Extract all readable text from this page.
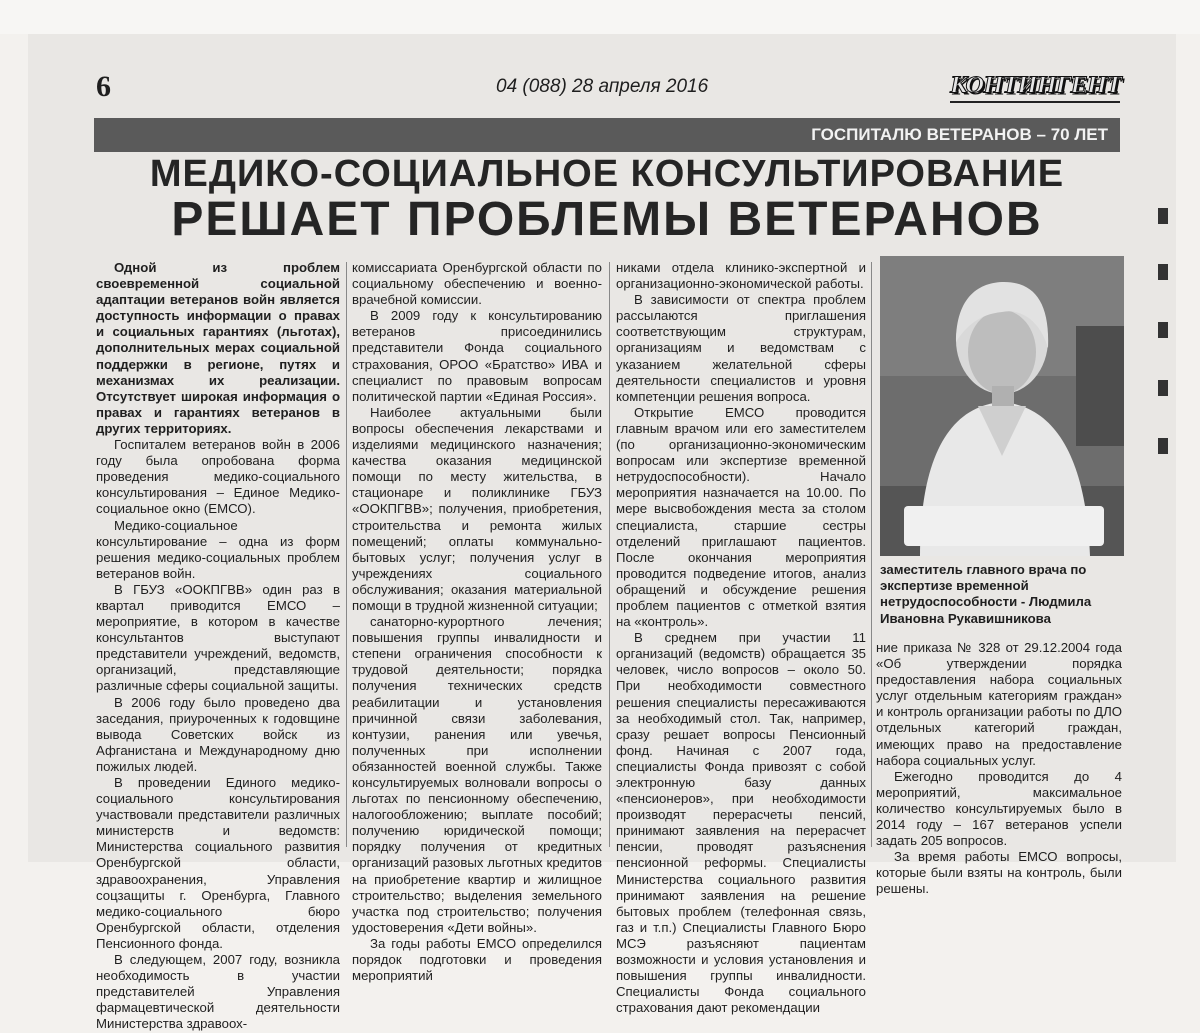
6	04 (088) 28 апреля 2016	КОНТИНГЕНТ
ГОСПИТАЛЮ ВЕТЕРАНОВ – 70 ЛЕТ
МЕДИКО-СОЦИАЛЬНОЕ КОНСУЛЬТИРОВАНИЕ
РЕШАЕТ ПРОБЛЕМЫ ВЕТЕРАНОВ

Одной из проблем своевременной социальной адаптации ветеранов войн является доступность информации о правах и социальных гарантиях (льготах), дополнительных мерах социальной поддержки в регионе, путях и механизмах их реализации. Отсутствует широкая информация о правах и гарантиях ветеранов в других территориях.

Госпиталем ветеранов войн в 2006 году была опробована форма проведения медико-социального консультирования – Единое Медико-социальное окно (ЕМСО).

Медико-социальное консультирование – одна из форм решения медико-социальных проблем ветеранов войн.

В ГБУЗ «ООКПГВВ» один раз в квартал приводится ЕМСО – мероприятие, в котором в качестве консультантов выступают представители учреждений, ведомств, организаций, представляющие различные сферы социальной защиты.

В 2006 году было проведено два заседания, приуроченных к годовщине вывода Советских войск из Афганистана и Международному дню пожилых людей.

В проведении Единого медико-социального консультирования участвовали представители различных министерств и ведомств: Министерства социального развития Оренбургской области, здравоохранения, Управления соцзащиты г. Оренбурга, Главного медико-социального бюро Оренбургской области, отделения Пенсионного фонда.

В следующем, 2007 году, возникла необходимость в участии представителей Управления фармацевтической деятельности Министерства здравоох-

комиссариата Оренбургской области по социальному обеспечению и военно-врачебной комиссии.

В 2009 году к консультированию ветеранов присоединились представители Фонда социального страхования, ОРОО «Братство» ИВА и специалист по правовым вопросам политической партии «Единая Россия».

Наиболее актуальными были вопросы обеспечения лекарствами и изделиями медицинского назначения; качества оказания медицинской помощи по месту жительства, в стационаре и поликлинике ГБУЗ «ООКПГВВ»; получения, приобретения, строительства и ремонта жилых помещений; оплаты коммунально-бытовых услуг; получения услуг в учреждениях социального обслуживания; оказания материальной помощи в трудной жизненной ситуации;

санаторно-курортного лечения; повышения группы инвалидности и степени ограничения способности к трудовой деятельности; порядка получения технических средств реабилитации и установления причинной связи заболевания, контузии, ранения или увечья, полученных при исполнении обязанностей военной службы. Также консультируемых волновали вопросы о льготах по пенсионному обеспечению, налогообложению; выплате пособий; получению юридической помощи; порядку получения от кредитных организаций разовых льготных кредитов на приобретение квартир и жилищное строительство; выделения земельного участка под строительство; получения удостоверения «Дети войны».

За годы работы ЕМСО определился порядок подготовки и проведения мероприятий

никами отдела клинико-экспертной и организационно-экономической работы.

В зависимости от спектра проблем рассылаются приглашения соответствующим структурам, организациям и ведомствам с указанием желательной сферы деятельности специалистов и уровня компетенции решения вопроса.

Открытие ЕМСО проводится главным врачом или его заместителем (по организационно-экономическим вопросам или экспертизе временной нетрудоспособности). Начало мероприятия назначается на 10.00. По мере высвобождения места за столом специалиста, старшие сестры отделений приглашают пациентов. После окончания мероприятия проводится подведение итогов, анализ обращений и обсуждение решения проблем пациентов с отметкой взятия на «контроль».

В среднем при участии 11 организаций (ведомств) обращается 35 человек, число вопросов – около 50. При необходимости совместного решения специалисты пересаживаются за необходимый стол. Так, например, сразу решает вопросы Пенсионный фонд. Начиная с 2007 года, специалисты Фонда привозят с собой электронную базу данных «пенсионеров», при необходимости производят перерасчеты пенсий, принимают заявления на перерасчет пенсии, проводят разъяснения пенсионной реформы. Специалисты Министерства социального развития принимают заявления на решение бытовых проблем (телефонная связь, газ и т.п.) Специалисты Главного Бюро МСЭ разъясняют пациентам возможности и условия установления и повышения группы инвалидности. Специалисты Фонда социального страхования дают рекомендации

заместитель главного врача по экспертизе временной нетрудоспособности - Людмила Ивановна Рукавишникова

ние приказа № 328 от 29.12.2004 года «Об утверждении порядка предоставления набора социальных услуг отдельным категориям граждан» и контроль организации работы по ДЛО отдельных категорий граждан, имеющих право на предоставление набора социальных услуг.

Ежегодно проводится до 4 мероприятий, максимальное количество консультируемых было в 2014 году – 167 ветеранов успели задать 205 вопросов.

За время работы ЕМСО вопросы, которые были взяты на контроль, были решены.
